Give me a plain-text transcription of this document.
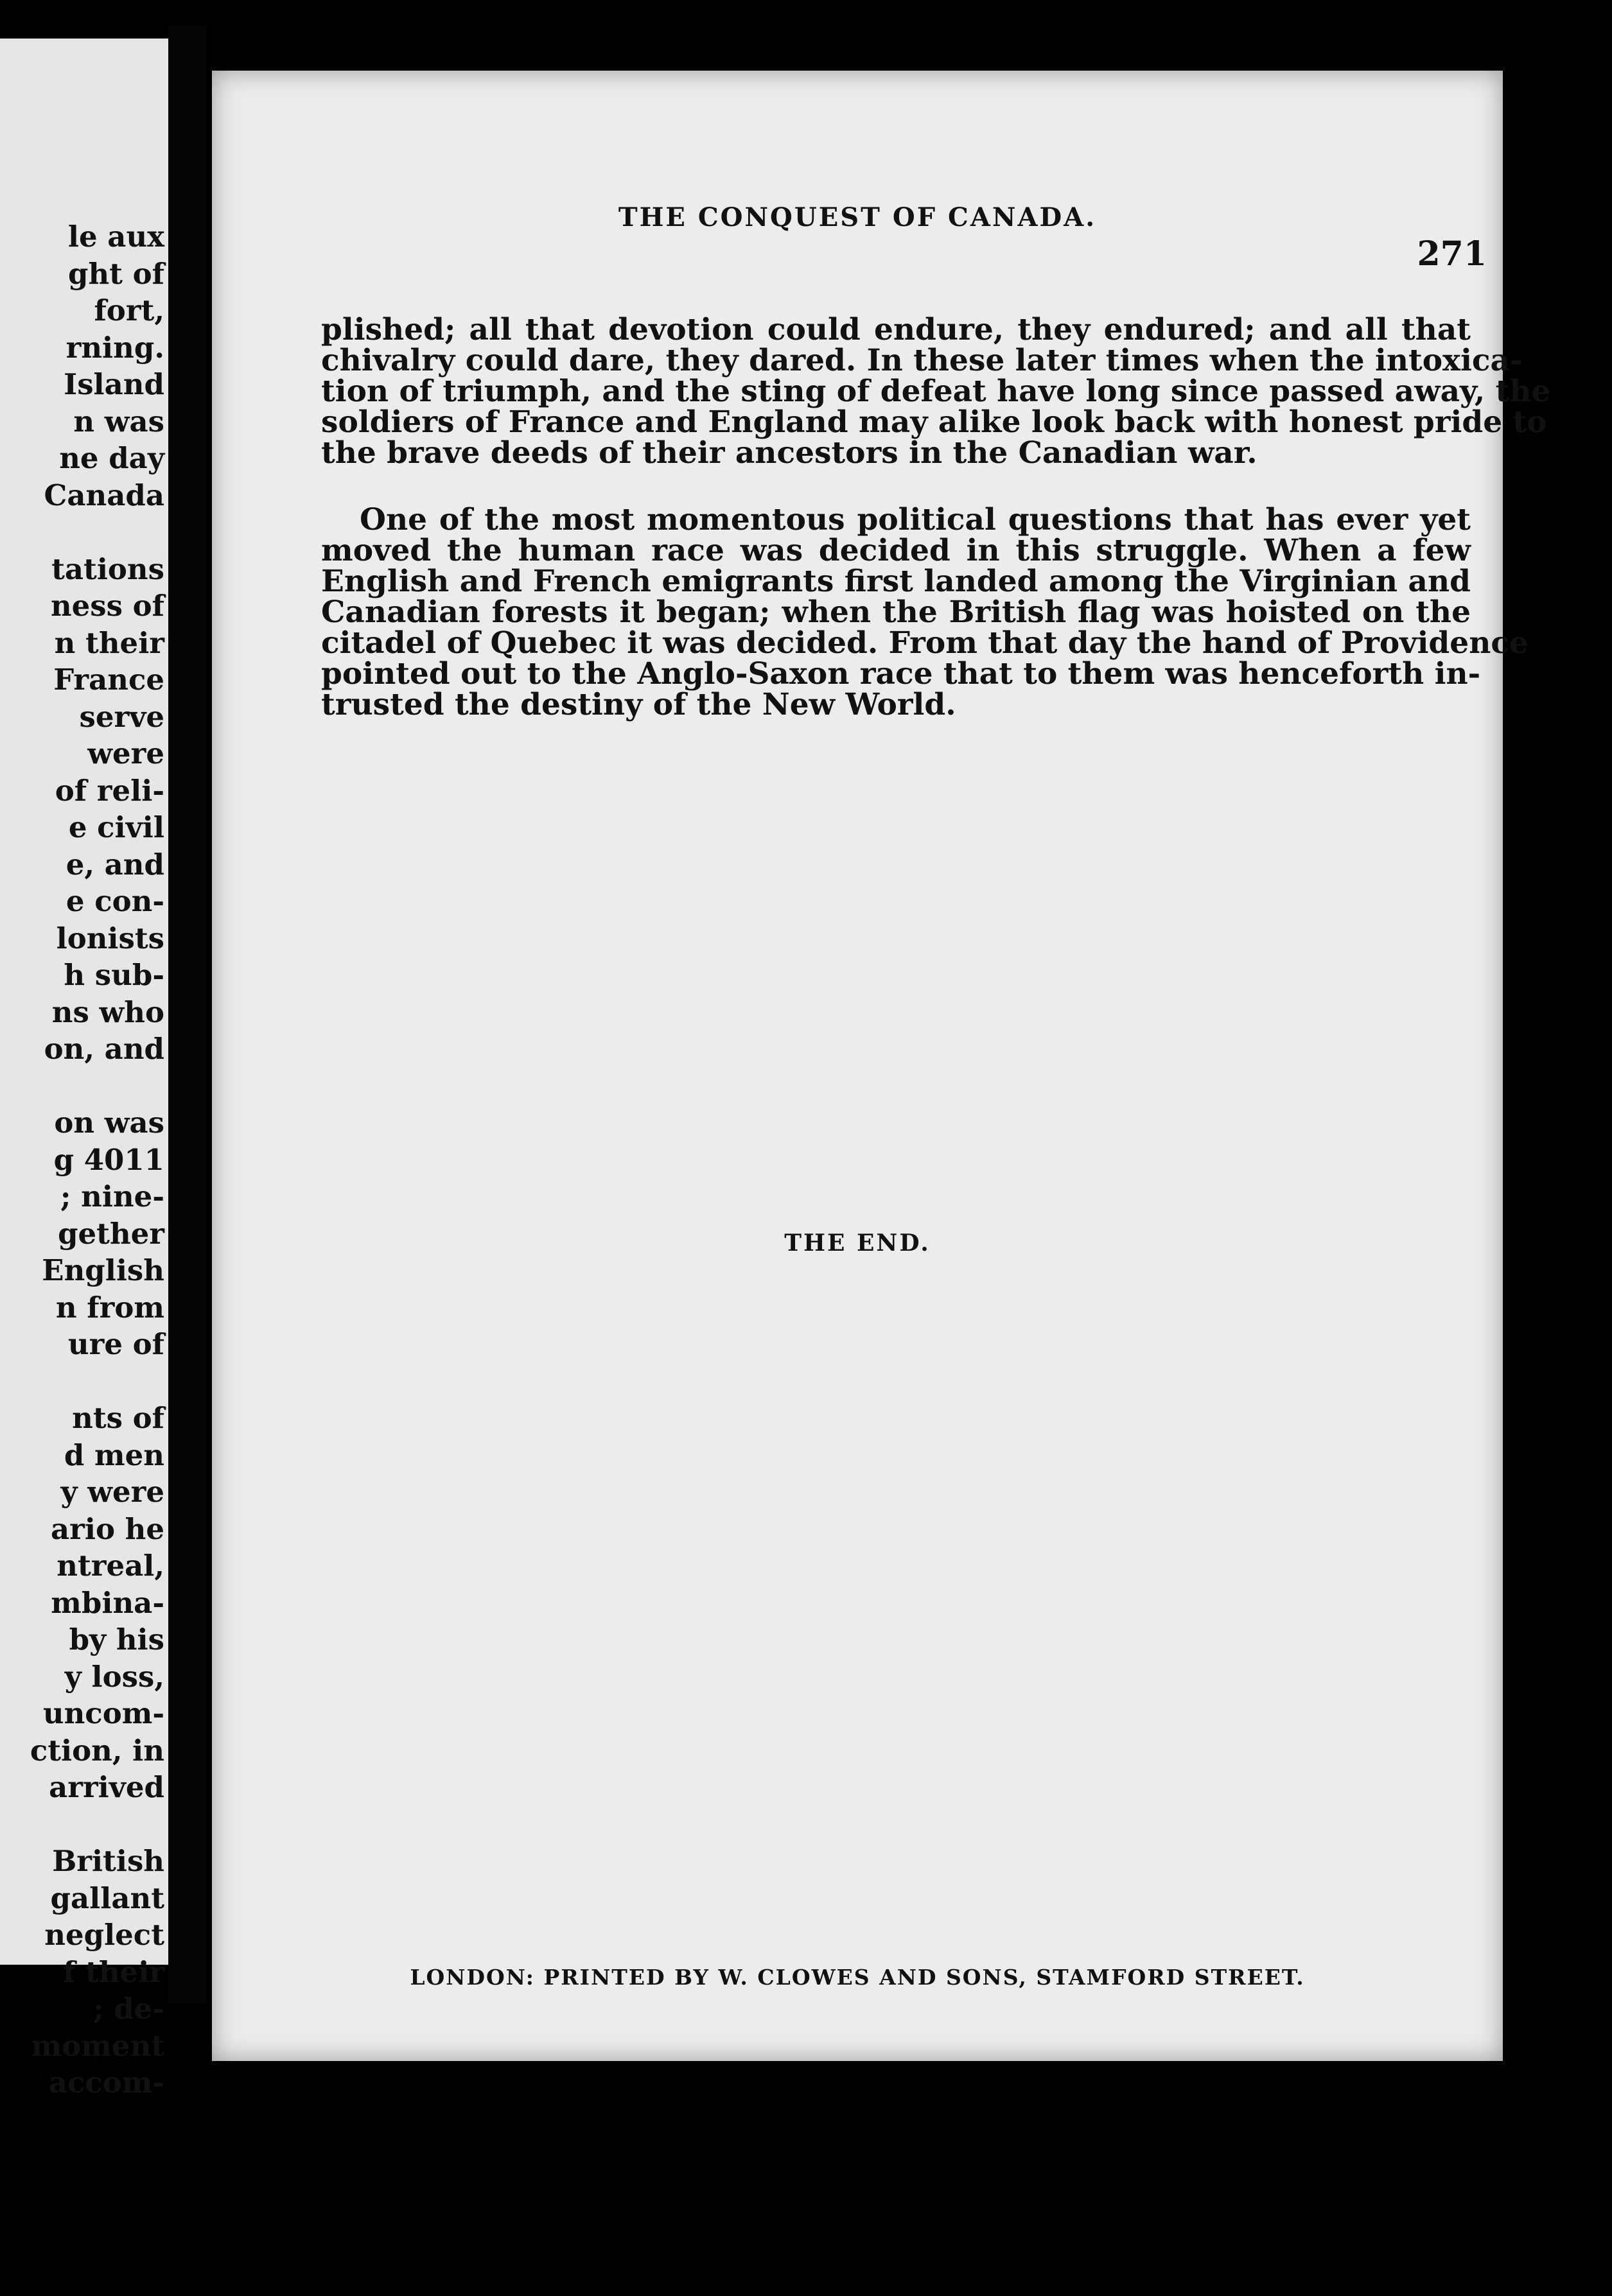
le aux
ght of
fort,
rning.
Island
n was
ne day
Canada
tations
ness of
n their
France
serve
were
of reli-
e civil
e, and
e con-
lonists
h sub-
ns who
on, and
on was
g 4011
; nine-
gether
English
n from
ure of
nts of
d men
y were
ario he
ntreal,
mbina-
by his
y loss,
uncom-
ction, in
arrived
British
gallant
neglect
f their
; de-
moment
accom-
THE CONQUEST OF CANADA.
271
plished; all that devotion could endure, they endured; and all that
chivalry could dare, they dared. In these later times when the intoxica-
tion of triumph, and the sting of defeat have long since passed away, the
soldiers of France and England may alike look back with honest pride to
the brave deeds of their ancestors in the Canadian war.
One of the most momentous political questions that has ever yet
moved the human race was decided in this struggle. When a few
English and French emigrants first landed among the Virginian and
Canadian forests it began; when the British flag was hoisted on the
citadel of Quebec it was decided. From that day the hand of Providence
pointed out to the Anglo-Saxon race that to them was henceforth in-
trusted the destiny of the New World.
THE END.
LONDON: PRINTED BY W. CLOWES AND SONS, STAMFORD STREET.
